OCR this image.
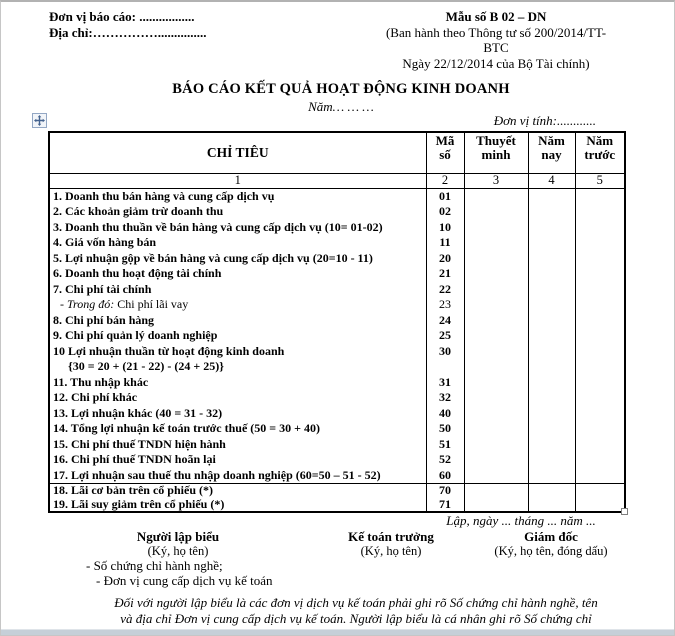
Đơn vị báo cáo: .................
Địa chỉ:……………...............
Mẫu số B 02 – DN
(Ban hành theo Thông tư số 200/2014/TT-
BTC
Ngày 22/12/2014 của Bộ Tài chính)
BÁO CÁO KẾT QUẢ HOẠT ĐỘNG KINH DOANH
Năm… … …
Đơn vị tính:............
CHỈ TIÊU	Mã số	Thuyết minh	Năm nay	Năm trước
1	2	3	4	5
1. Doanh thu bán hàng và cung cấp dịch vụ	01			
2. Các khoản giảm trừ doanh thu	02			
3. Doanh thu thuần về bán hàng và cung cấp dịch vụ (10= 01-02)	10			
4. Giá vốn hàng bán	11			
5. Lợi nhuận gộp về bán hàng và cung cấp dịch vụ (20=10 - 11)	20			
6. Doanh thu hoạt động tài chính	21			
7. Chi phí tài chính	22			
- Trong đó: Chi phí lãi vay	23			
8. Chi phí bán hàng	24			
9. Chi phí quản lý doanh nghiệp	25			
10 Lợi nhuận thuần từ hoạt động kinh doanh	30			
{30 = 20 + (21 - 22) - (24 + 25)}				
11. Thu nhập khác	31			
12. Chi phí khác	32			
13. Lợi nhuận khác (40 = 31 - 32)	40			
14. Tổng lợi nhuận kế toán trước thuế (50 = 30 + 40)	50			
15. Chi phí thuế TNDN hiện hành	51			
16. Chi phí thuế TNDN hoãn lại	52			
17. Lợi nhuận sau thuế thu nhập doanh nghiệp (60=50 – 51 - 52)	60			
18. Lãi cơ bản trên cổ phiếu (*)	70			
19. Lãi suy giảm trên cổ phiếu (*)	71			
Lập, ngày ... tháng ... năm ...
Người lập biểu
(Ký, họ tên)
Kế toán trưởng
(Ký, họ tên)
Giám đốc
(Ký, họ tên, đóng dấu)
- Số chứng chỉ hành nghề;
- Đơn vị cung cấp dịch vụ kế toán
Đối với người lập biểu là các đơn vị dịch vụ kế toán phải ghi rõ Số chứng chỉ hành nghề, tên
và địa chỉ Đơn vị cung cấp dịch vụ kế toán. Người lập biểu là cá nhân ghi rõ Số chứng chỉ
